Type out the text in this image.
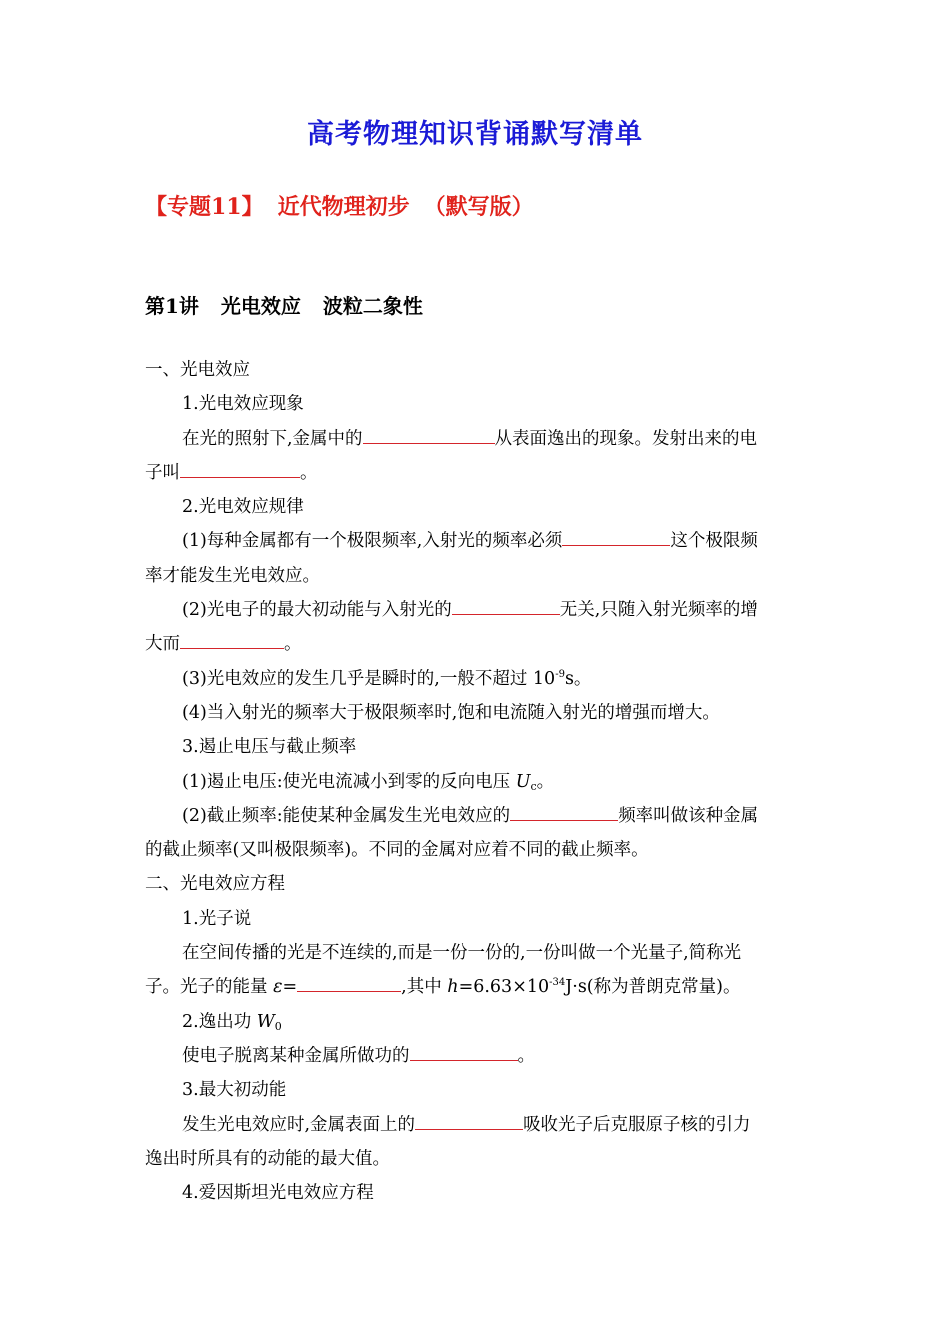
高考物理知识背诵默写清单
【专题11】 近代物理初步 （默写版）
第1讲 光电效应 波粒二象性

一、光电效应

1.光电效应现象

在光的照射下,金属中的	从表面逸出的现象。发射出来的电

子叫	。

2.光电效应规律

(1)每种金属都有一个极限频率,入射光的频率必须	这个极限频

率才能发生光电效应。

(2)光电子的最大初动能与入射光的	无关,只随入射光频率的增

大而	。

(3)光电效应的发生几乎是瞬时的,一般不超过 $10^{-9}s$。

(4)当入射光的频率大于极限频率时,饱和电流随入射光的增强而增大。

3.遏止电压与截止频率

(1)遏止电压:使光电流减小到零的反向电压 $U_c$。

(2)截止频率:能使某种金属发生光电效应的	频率叫做该种金属

的截止频率(又叫极限频率)。不同的金属对应着不同的截止频率。

二、光电效应方程

1.光子说

在空间传播的光是不连续的,而是一份一份的,一份叫做一个光量子,简称光

子。光子的能量 ε=	,其中 $h=6.63\times 10^{-34}J\cdot s$(称为普朗克常量)。

2.逸出功 $W_0$

使电子脱离某种金属所做功的	。

3.最大初动能

发生光电效应时,金属表面上的	吸收光子后克服原子核的引力

逸出时所具有的动能的最大值。

4.爱因斯坦光电效应方程
